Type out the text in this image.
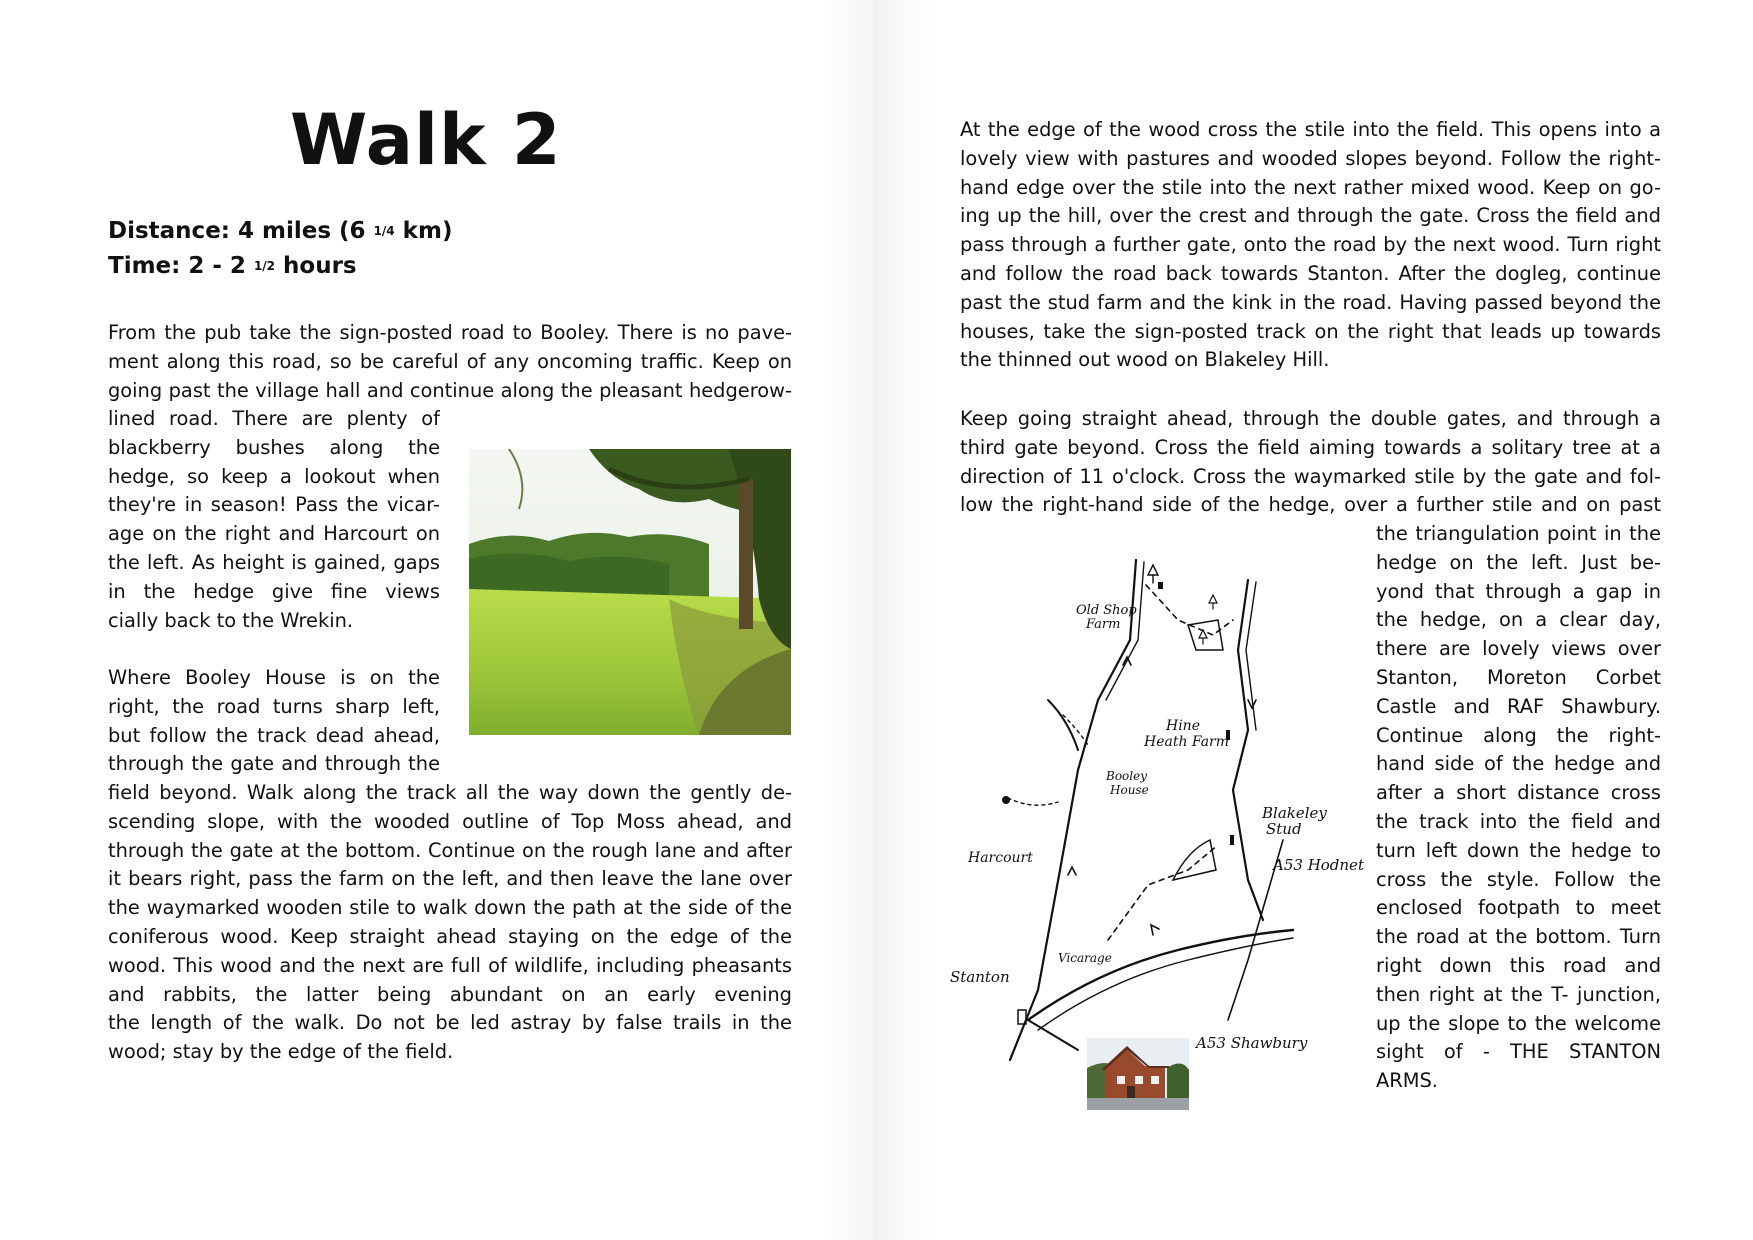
Walk 2
Distance: 4 miles (6 1/4 km)
Time: 2 - 2 1/2 hours
From the pub take the sign-posted road to Booley. There is no pave-
ment along this road, so be careful of any oncoming traffic. Keep on
going past the village hall and continue along the pleasant hedgerow-
lined road. There are plenty of
blackberry bushes along the
hedge, so keep a lookout when
they're in season! Pass the vicar-
age on the right and Harcourt on
the left. As height is gained, gaps
in the hedge give fine views
cially back to the Wrekin.
Where Booley House is on the
right, the road turns sharp left,
but follow the track dead ahead,
through the gate and through the
field beyond. Walk along the track all the way down the gently de-
scending slope, with the wooded outline of Top Moss ahead, and
through the gate at the bottom. Continue on the rough lane and after
it bears right, pass the farm on the left, and then leave the lane over
the waymarked wooden stile to walk down the path at the side of the
coniferous wood. Keep straight ahead staying on the edge of the
wood. This wood and the next are full of wildlife, including pheasants
and rabbits, the latter being abundant on an early evening
the length of the walk. Do not be led astray by false trails in the
wood; stay by the edge of the field.
At the edge of the wood cross the stile into the field. This opens into a
lovely view with pastures and wooded slopes beyond. Follow the right-
hand edge over the stile into the next rather mixed wood. Keep on go-
ing up the hill, over the crest and through the gate. Cross the field and
pass through a further gate, onto the road by the next wood. Turn right
and follow the road back towards Stanton. After the dogleg, continue
past the stud farm and the kink in the road. Having passed beyond the
houses, take the sign-posted track on the right that leads up towards
the thinned out wood on Blakeley Hill.
Keep going straight ahead, through the double gates, and through a
third gate beyond. Cross the field aiming towards a solitary tree at a
direction of 11 o'clock. Cross the waymarked stile by the gate and fol-
low the right-hand side of the hedge, over a further stile and on past
the triangulation point in the
hedge on the left. Just be-
yond that through a gap in
the hedge, on a clear day,
there are lovely views over
Stanton, Moreton Corbet
Castle and RAF Shawbury.
Continue along the right-
hand side of the hedge and
after a short distance cross
the track into the field and
turn left down the hedge to
cross the style. Follow the
enclosed footpath to meet
the road at the bottom. Turn
right down this road and
then right at the T- junction,
up the slope to the welcome
sight of - THE STANTON
ARMS.
Old Shop
Farm
Hine
Heath Farm
Booley
House
Blakeley
Stud
A53 Hodnet
Harcourt
Vicarage
Stanton
A53 Shawbury
